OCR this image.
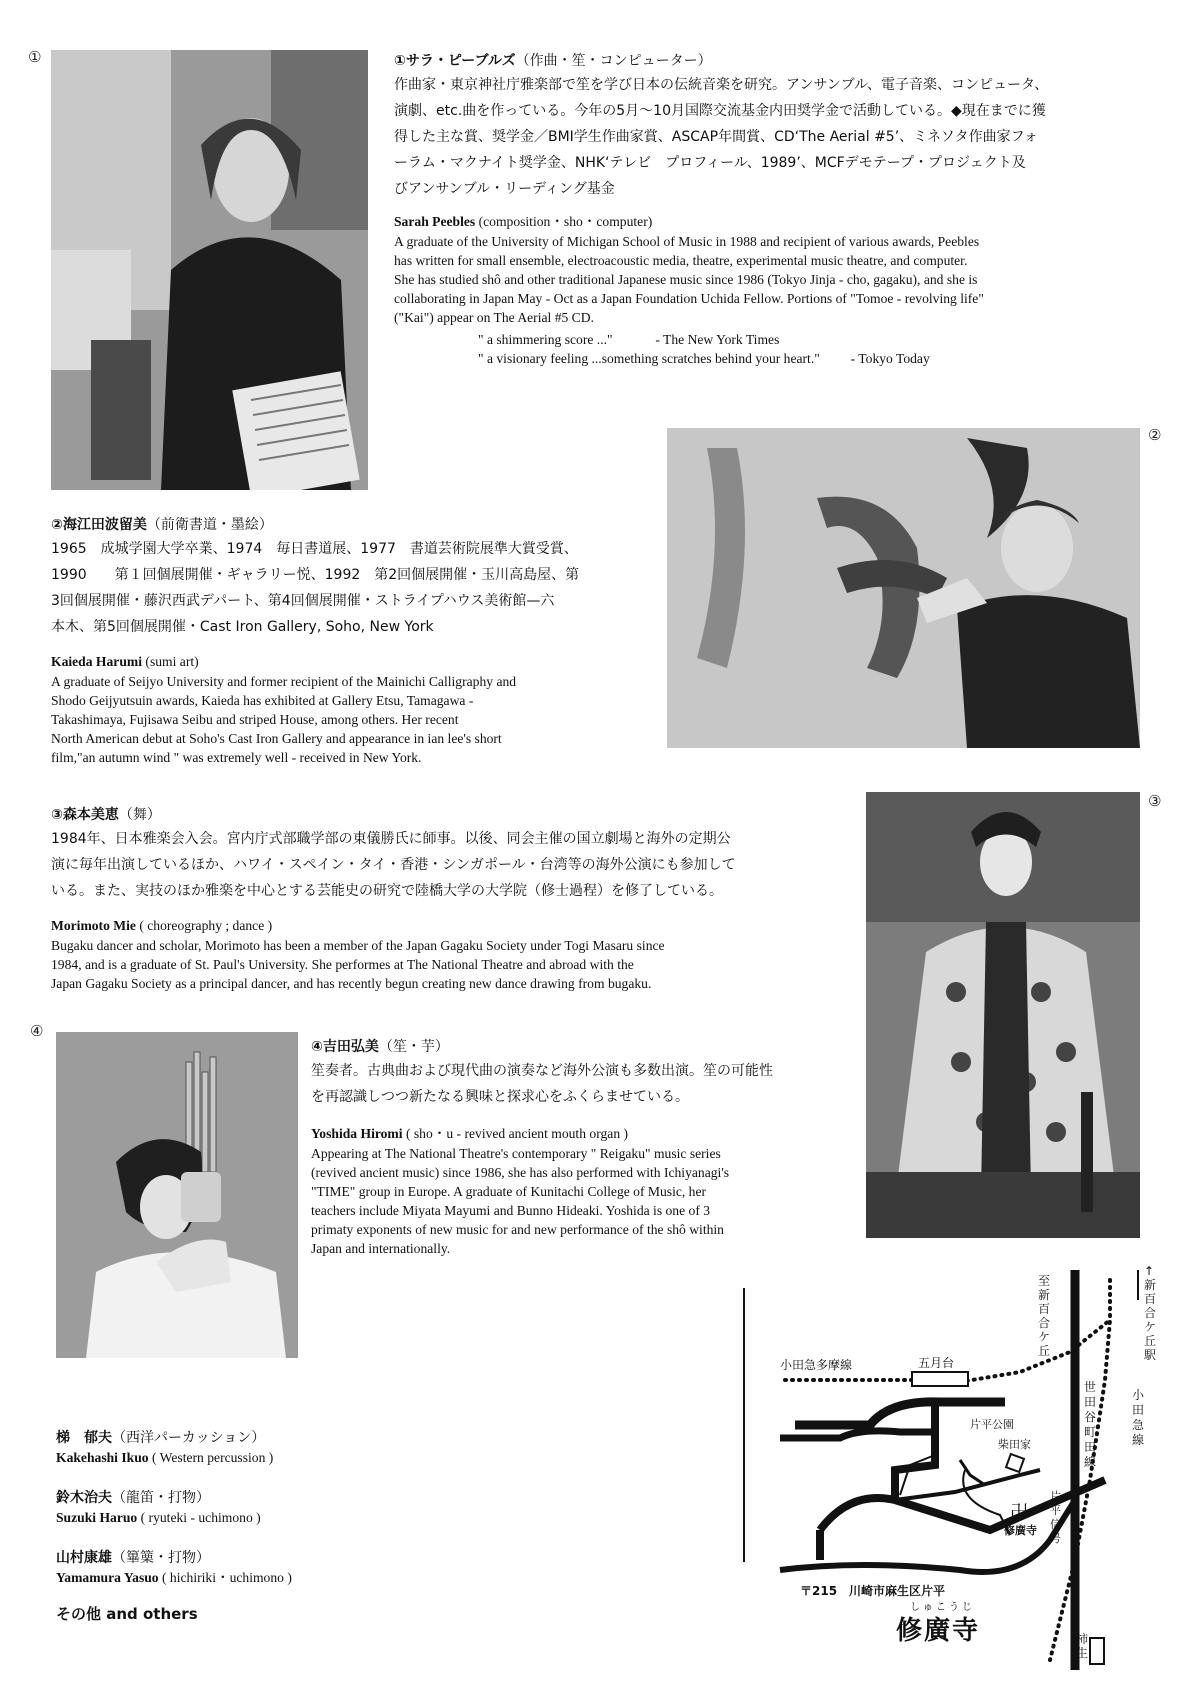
①
②
③
④
①サラ・ピーブルズ（作曲・笙・コンピューター）
作曲家・東京神社庁雅楽部で笙を学び日本の伝統音楽を研究。アンサンブル、電子音楽、コンピュータ、
演劇、etc.曲を作っている。今年の5月〜10月国際交流基金内田奨学金で活動している。◆現在までに獲
得した主な賞、奨学金／BMI学生作曲家賞、ASCAP年間賞、CD‘The Aerial #5’、ミネソタ作曲家フォ
ーラム・マクナイト奨学金、NHK‘テレビ　プロフィール、1989’、MCFデモテープ・プロジェクト及
びアンサンブル・リーディング基金
Sarah Peebles (composition・sho・computer)
A graduate of the University of Michigan School of Music in 1988 and recipient of various awards, Peebles
has written for small ensemble, electroacoustic media, theatre, experimental music theatre, and computer.
She has studied shô and other traditional Japanese music since 1986 (Tokyo Jinja - cho, gagaku), and she is
collaborating in Japan May - Oct as a Japan Foundation Uchida Fellow. Portions of "Tomoe - revolving life"
("Kai") appear on The Aerial #5 CD.
" a shimmering score ..."	- The New York Times
" a visionary feeling ...something scratches behind your heart." - Tokyo Today
②海江田波留美（前衛書道・墨絵）
1965　成城学園大学卒業、1974　毎日書道展、1977　書道芸術院展準大賞受賞、
1990　　第１回個展開催・ギャラリー悦、1992　第2回個展開催・玉川高島屋、第
3回個展開催・藤沢西武デパート、第4回個展開催・ストライプハウス美術館—六
本木、第5回個展開催・Cast Iron Gallery, Soho, New York
Kaieda Harumi (sumi art)
A graduate of Seijyo University and former recipient of the Mainichi Calligraphy and
Shodo Geijyutsuin awards, Kaieda has exhibited at Gallery Etsu, Tamagawa -
Takashimaya, Fujisawa Seibu and striped House, among others. Her recent
North American debut at Soho's Cast Iron Gallery and appearance in ian lee's short
film,"an autumn wind " was extremely well - received in New York.
③森本美恵（舞）
1984年、日本雅楽会入会。宮内庁式部職学部の東儀勝氏に師事。以後、同会主催の国立劇場と海外の定期公
演に毎年出演しているほか、ハワイ・スペイン・タイ・香港・シンガポール・台湾等の海外公演にも参加して
いる。また、実技のほか雅楽を中心とする芸能史の研究で陸橋大学の大学院（修士過程）を修了している。
Morimoto Mie ( choreography ; dance )
Bugaku dancer and scholar, Morimoto has been a member of the Japan Gagaku Society under Togi Masaru since
1984, and is a graduate of St. Paul's University. She performes at The National Theatre and abroad with the
Japan Gagaku Society as a principal dancer, and has recently begun creating new dance drawing from bugaku.
④吉田弘美（笙・芋）
笙奏者。古典曲および現代曲の演奏など海外公演も多数出演。笙の可能性
を再認識しつつ新たなる興味と探求心をふくらませている。
Yoshida Hiromi ( sho・u - revived ancient mouth organ )
Appearing at The National Theatre's contemporary " Reigaku" music series
(revived ancient music) since 1986, she has also performed with Ichiyanagi's
"TIME" group in Europe. A graduate of Kunitachi College of Music, her
teachers include Miyata Mayumi and Bunno Hideaki. Yoshida is one of 3
primaty exponents of new music for and new performance of the shô within
Japan and internationally.
梯　郁夫（西洋パーカッション）
Kakehashi Ikuo ( Western percussion )
鈴木治夫（龍笛・打物）
Suzuki Haruo ( ryuteki - uchimono )
山村康雄（篳篥・打物）
Yamamura Yasuo ( hichiriki・uchimono )
その他 and others
小田急多摩線	五月台
至新百合ケ丘
↑新百合ケ丘駅
世田谷町田線
小田急線
片平公園
柴田家
片平信号
卍
修廣寺
柿生
〒215　川崎市麻生区片平
しゅこうじ
修廣寺
